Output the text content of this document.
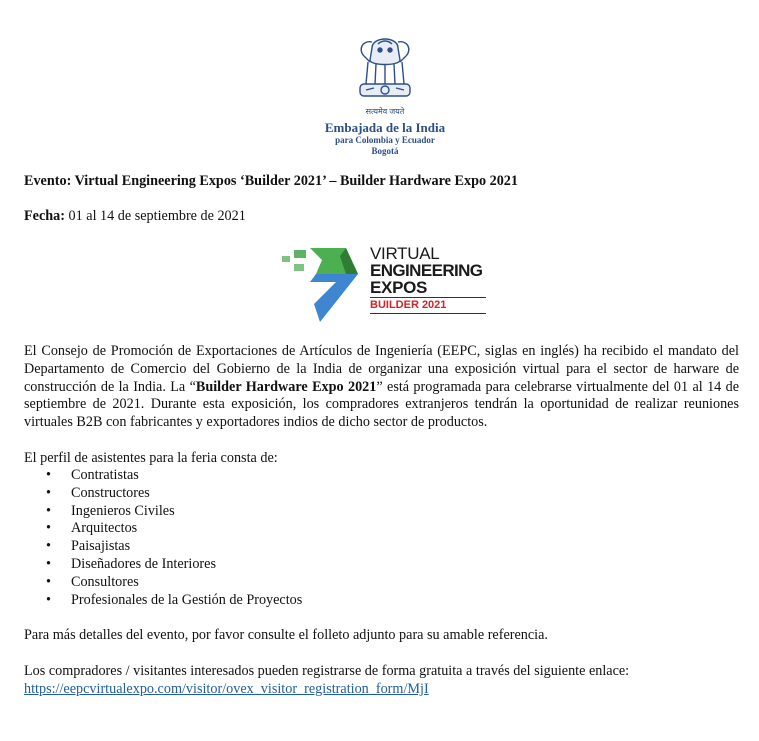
सत्यमेव जयते
Embajada de la India
para Colombia y Ecuador
Bogotá
Evento: Virtual Engineering Expos ‘Builder 2021’ – Builder Hardware Expo 2021
Fecha: 01 al 14 de septiembre de 2021
VIRTUAL
ENGINEERING
EXPOS
BUILDER 2021
El Consejo de Promoción de Exportaciones de Artículos de Ingeniería (EEPC, siglas en inglés) ha recibido el mandato del Departamento de Comercio del Gobierno de la India de organizar una exposición virtual para el sector de harware de construcción de la India. La “Builder Hardware Expo 2021” está programada para celebrarse virtualmente del 01 al 14 de septiembre de 2021. Durante esta exposición, los compradores extranjeros tendrán la oportunidad de realizar reuniones virtuales B2B con fabricantes y exportadores indios de dicho sector de productos.
El perfil de asistentes para la feria consta de:
• Contratistas
• Constructores
• Ingenieros Civiles
• Arquitectos
• Paisajistas
• Diseñadores de Interiores
• Consultores
• Profesionales de la Gestión de Proyectos
Para más detalles del evento, por favor consulte el folleto adjunto para su amable referencia.
Los compradores / visitantes interesados pueden registrarse de forma gratuita a través del siguiente enlace:
https://eepcvirtualexpo.com/visitor/ovex_visitor_registration_form/MjI
